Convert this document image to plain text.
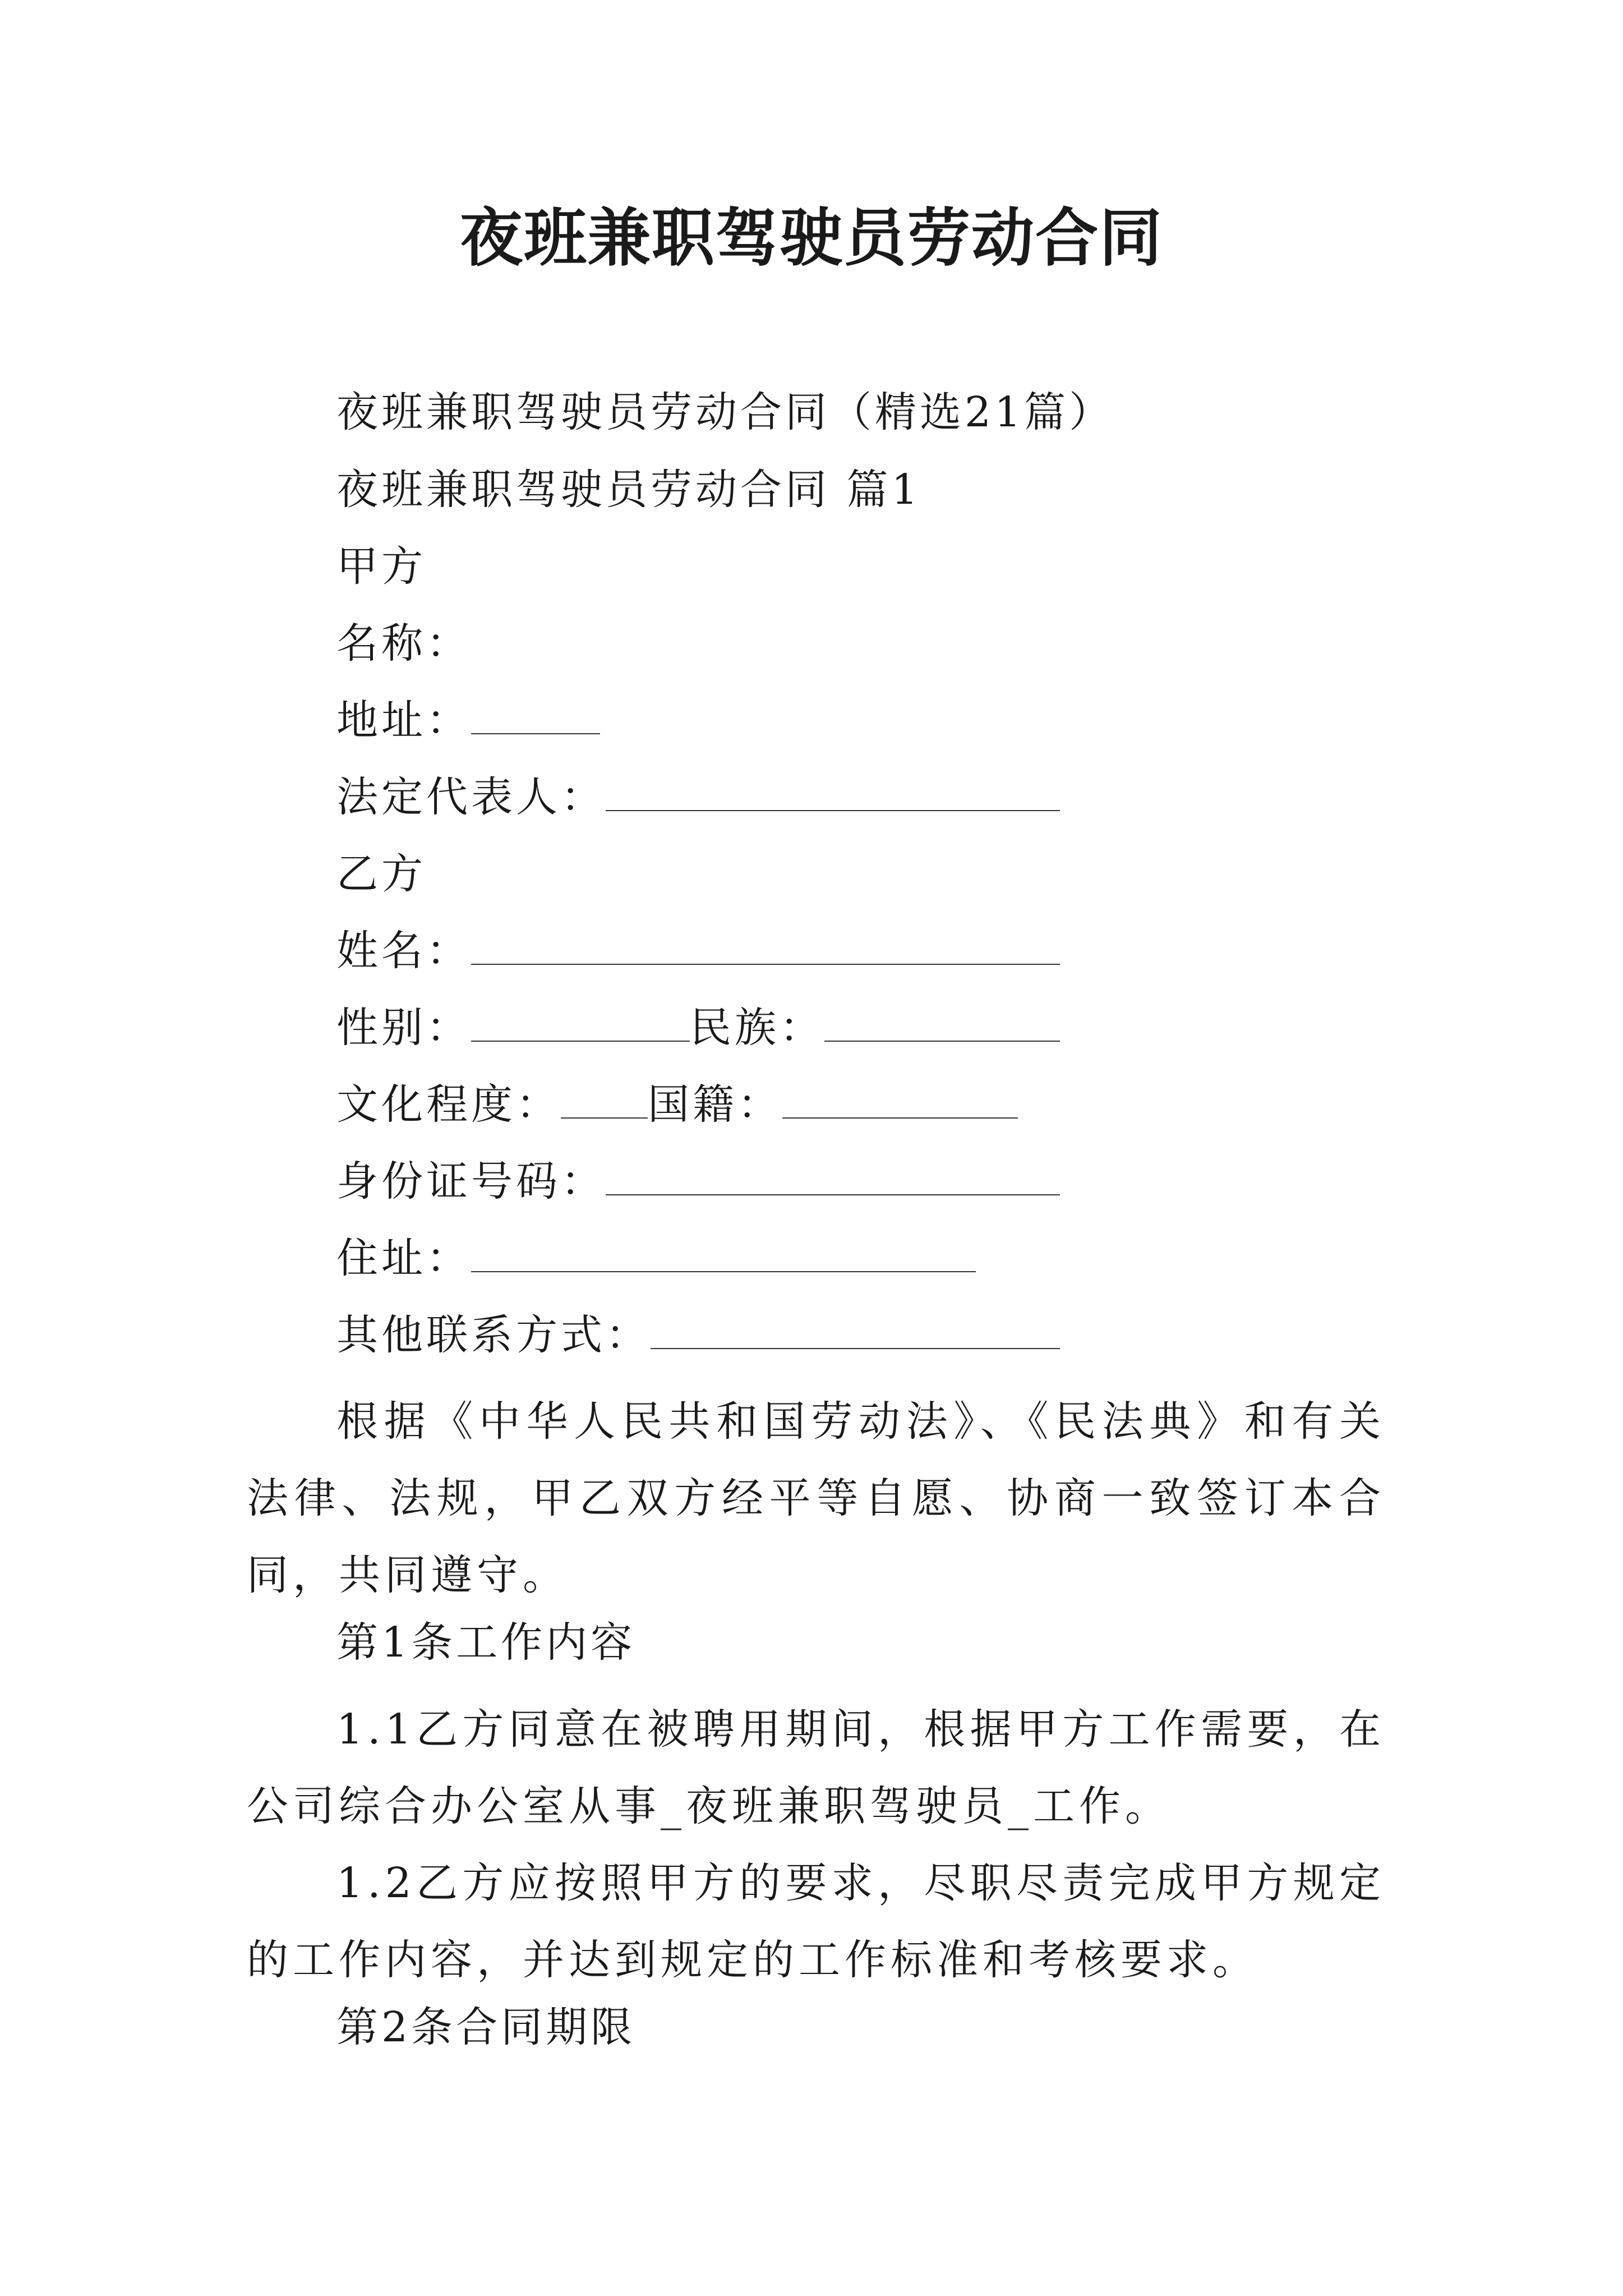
夜班兼职驾驶员劳动合同
夜班兼职驾驶员劳动合同（精选21篇）
夜班兼职驾驶员劳动合同 篇1
甲方
名称：
地址：
法定代表人：
乙方
姓名：
性别：	民族：
文化程度： 国籍：
身份证号码：
住址：
其他联系方式：
根据《中华人民共和国劳动法》、《民法典》和有关法律、法规，甲乙双方经平等自愿、协商一致签订本合同，共同遵守。
第1条工作内容
1.1乙方同意在被聘用期间，根据甲方工作需要，在公司综合办公室从事_夜班兼职驾驶员_工作。
1.2乙方应按照甲方的要求，尽职尽责完成甲方规定的工作内容，并达到规定的工作标准和考核要求。
第2条合同期限
